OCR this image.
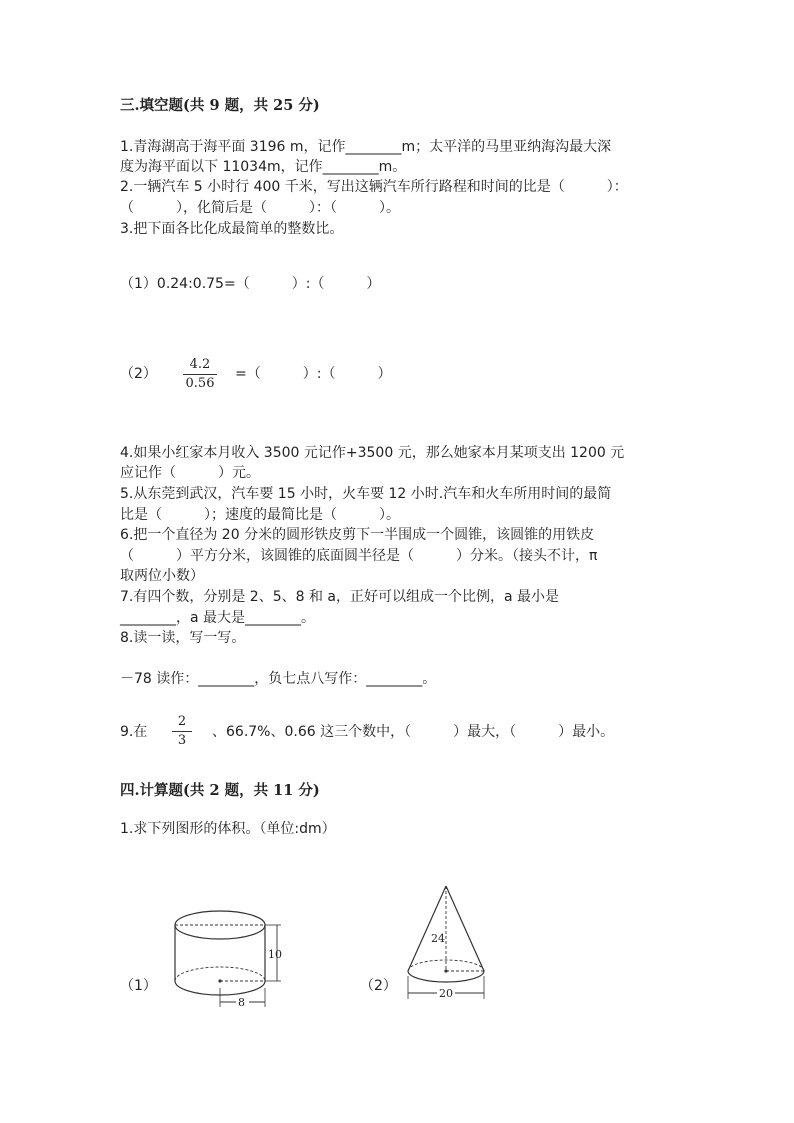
三.填空题(共 9 题，共 25 分)
1.青海湖高于海平面 3196 m，记作________m；太平洋的马里亚纳海沟最大深
度为海平面以下 11034m，记作________m。
2.一辆汽车 5 小时行 400 千米，写出这辆汽车所行路程和时间的比是（　　　）：
（　　　），化简后是（　　　）：（　　　）。
3.把下面各比化成最简单的整数比。
（1）0.24:0.75=（　　　）:（　　　）
（2）
4.2
0.56
=（　　　）:（　　　）
4.如果小红家本月收入 3500 元记作+3500 元，那么她家本月某项支出 1200 元
应记作（　　　）元。
5.从东莞到武汉，汽车要 15 小时，火车要 12 小时.汽车和火车所用时间的最简
比是（　　　）；速度的最简比是（　　　）。
6.把一个直径为 20 分米的圆形铁皮剪下一半围成一个圆锥，该圆锥的用铁皮
（　　　）平方分米，该圆锥的底面圆半径是（　　　）分米。（接头不计，π
取两位小数）
7.有四个数，分别是 2、5、8 和 a，正好可以组成一个比例，a 最小是
________，a 最大是________。
8.读一读，写一写。
－78 读作：________，负七点八写作：________。
9.在
2
3
、66.7%、0.66 这三个数中，（　　　）最大，（　　　）最小。
四.计算题(共 2 题，共 11 分)
1.求下列图形的体积。（单位:dm）
（1）	（2）
10
8
24
20
